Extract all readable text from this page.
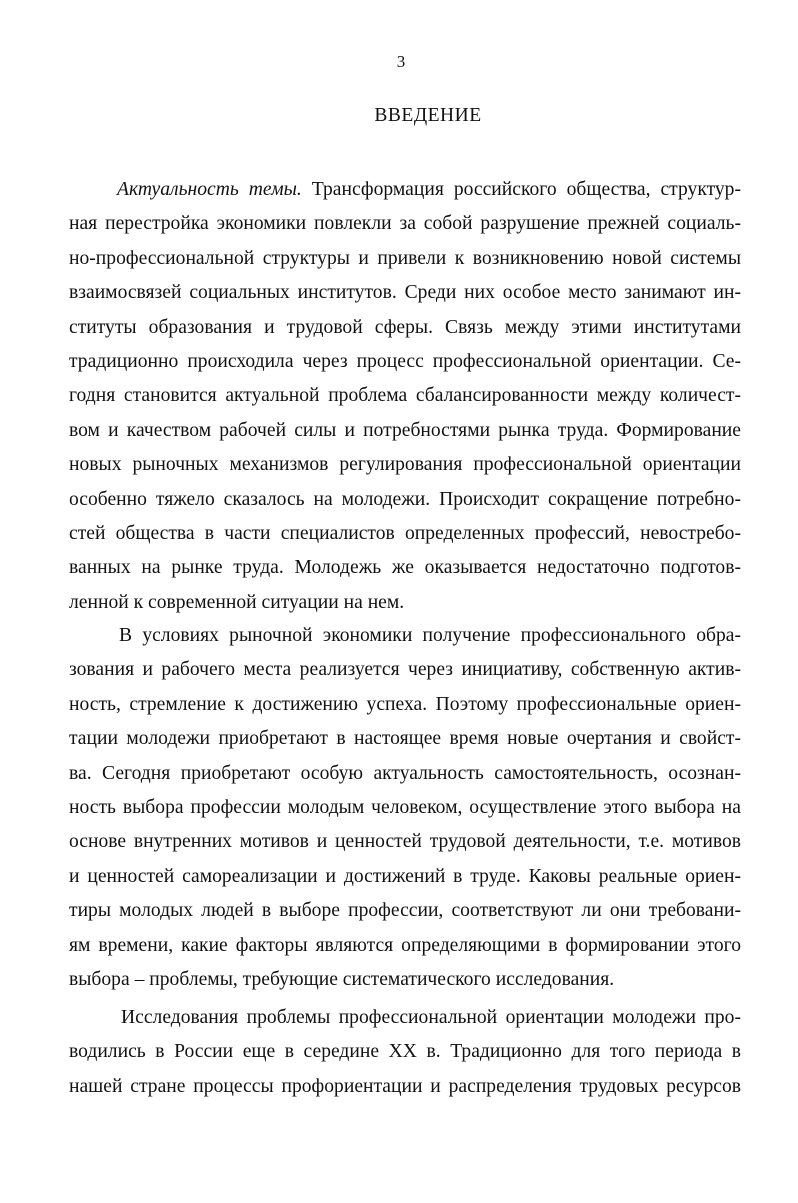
3
ВВЕДЕНИЕ
Актуальность темы. Трансформация российского общества, структур-
ная перестройка экономики повлекли за собой разрушение прежней социаль-
но-профессиональной структуры и привели к возникновению новой системы
взаимосвязей социальных институтов. Среди них особое место занимают ин-
ституты образования и трудовой сферы. Связь между этими институтами
традиционно происходила через процесс профессиональной ориентации. Се-
годня становится актуальной проблема сбалансированности между количест-
вом и качеством рабочей силы и потребностями рынка труда. Формирование
новых рыночных механизмов регулирования профессиональной ориентации
особенно тяжело сказалось на молодежи. Происходит сокращение потребно-
стей общества в части специалистов определенных профессий, невостребо-
ванных на рынке труда. Молодежь же оказывается недостаточно подготов-
ленной к современной ситуации на нем.
В условиях рыночной экономики получение профессионального обра-
зования и рабочего места реализуется через инициативу, собственную актив-
ность, стремление к достижению успеха. Поэтому профессиональные ориен-
тации молодежи приобретают в настоящее время новые очертания и свойст-
ва. Сегодня приобретают особую актуальность самостоятельность, осознан-
ность выбора профессии молодым человеком, осуществление этого выбора на
основе внутренних мотивов и ценностей трудовой деятельности, т.е. мотивов
и ценностей самореализации и достижений в труде. Каковы реальные ориен-
тиры молодых людей в выборе профессии, соответствуют ли они требовани-
ям времени, какие факторы являются определяющими в формировании этого
выбора – проблемы, требующие систематического исследования.
Исследования проблемы профессиональной ориентации молодежи про-
водились в России еще в середине XX в. Традиционно для того периода в
нашей стране процессы профориентации и распределения трудовых ресурсов
